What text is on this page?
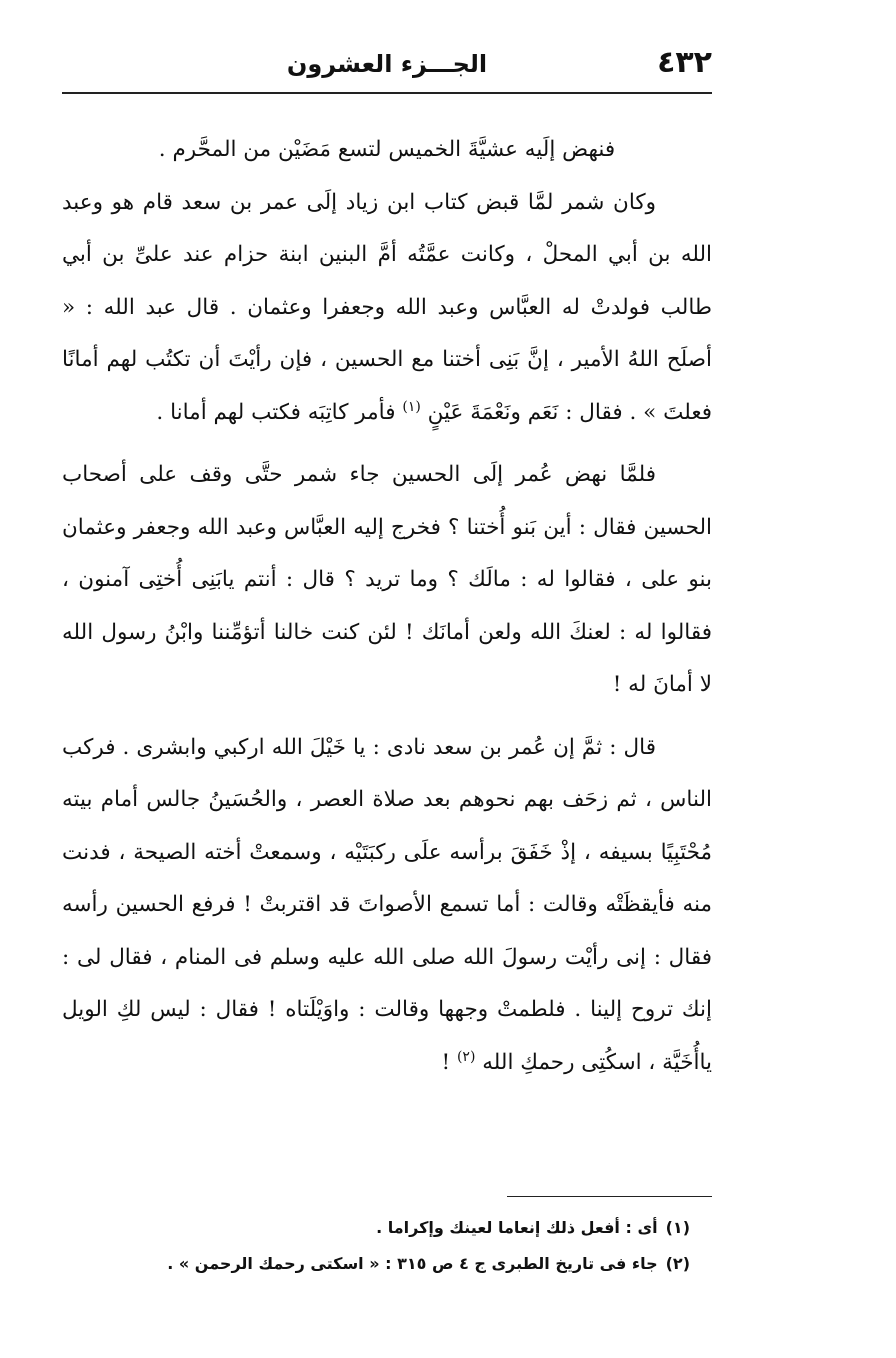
٤٣٢
الجـــزء العشرون

فنهض إلَيه عشيَّةَ الخميس لتسع مَضَيْن من المحَّرم .

وكان شمر لمَّا قبض كتاب ابن زياد إلَى عمر بن سعد قام هو وعبد الله بن أبي المحلْ ، وكانت عمَّتُه أمَّ البنين ابنة حزام عند علىِّ بن أبي طالب فولدتْ له العبَّاس وعبد الله وجعفرا وعثمان . قال عبد الله : « أصلَح اللهُ الأمير ، إنَّ بَنِى أختنا مع الحسين ، فإن رأيْتَ أن تكتُب لهم أمانًا فعلتَ » . فقال : نَعَم ونَعْمَةَ عَيْنٍ $^{(١)}$ فأمر كاتِبَه فكتب لهم أمانا .

فلمَّا نهض عُمر إلَى الحسين جاء شمر حتَّى وقف على أصحاب الحسين فقال : أين بَنو أُختنا ؟ فخرج إليه العبَّاس وعبد الله وجعفر وعثمان بنو على ، فقالوا له : مالَك ؟ وما تريد ؟ قال : أنتم يابَنِى أُختِى آمنون ، فقالوا له : لعنكَ الله ولعن أمانَك ! لئن كنت خالنا أتؤمِّننا وابْنُ رسول الله لا أمانَ له !

قال : ثمَّ إن عُمر بن سعد نادى : يا خَيْلَ الله اركبي وابشرى . فركب الناس ، ثم زحَف بهم نحوهم بعد صلاة العصر ، والحُسَينُ جالس أمام بيته مُحْتَبِيًا بسيفه ، إذْ خَفَقَ برأسه علَى ركبَتَيْه ، وسمعتْ أخته الصيحة ، فدنت منه فأيقظَتْه وقالت : أما تسمع الأصواتَ قد اقتربتْ ! فرفع الحسين رأسه فقال : إنى رأيْت رسولَ الله صلى الله عليه وسلم فى المنام ، فقال لى : إنك تروح إلينا . فلطمتْ وجهها وقالت : واوَيْلَتاه ! فقال : ليس لكِ الويل ياأُخَيَّة ، اسكُتِى رحمكِ الله $^{(٢)}$ !

(١)أى : أفعل ذلك إنعاما لعينك وإكراما .

(٢)جاء فى تاريخ الطبرى ج ٤ ص ٣١٥ : « اسكتى رحمك الرحمن » .
